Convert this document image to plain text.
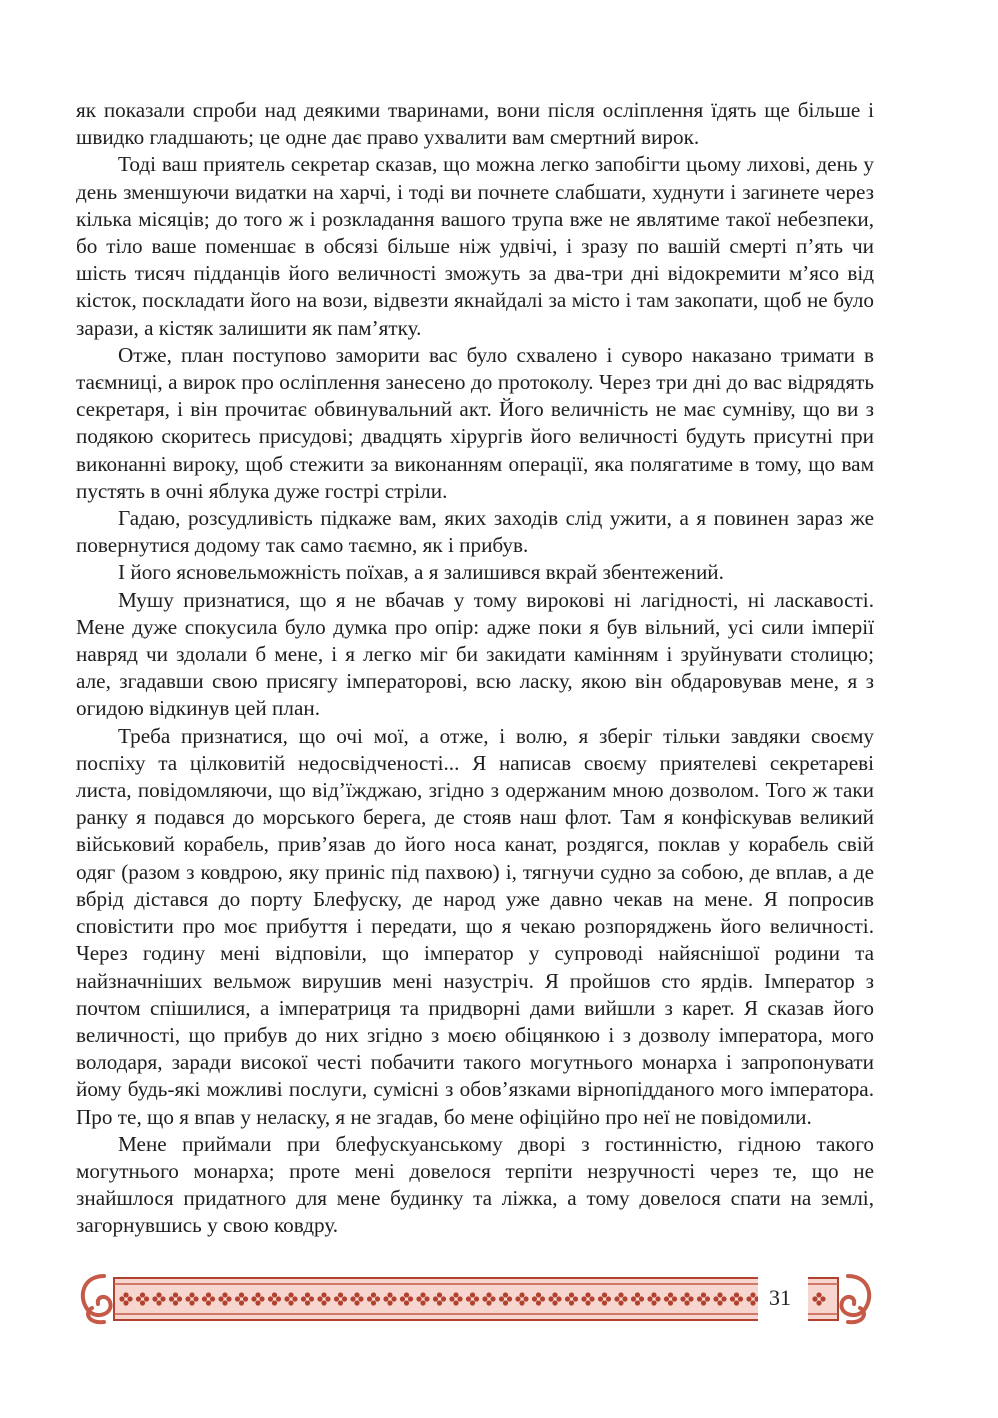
як показали спроби над деякими тваринами, вони після осліплення їдять ще більше і швидко гладшають; це одне дає право ухвалити вам смертний вирок.

Тоді ваш приятель секретар сказав, що можна легко запобігти цьому лихові, день у день зменшуючи видатки на харчі, і тоді ви почнете слабшати, худнути і загинете через кілька місяців; до того ж і розкладання вашого трупа вже не являтиме такої небезпеки, бо тіло ваше поменшає в обсязі більше ніж удвічі, і зразу по вашій смерті п’ять чи шість тисяч підданців його величності зможуть за два-три дні відокремити м’ясо від кісток, поскладати його на вози, відвезти якнайдалі за місто і там закопати, щоб не було зарази, а кістяк залишити як пам’ятку.

Отже, план поступово заморити вас було схвалено і суворо наказано тримати в таємниці, а вирок про осліплення занесено до протоколу. Через три дні до вас відрядять секретаря, і він прочитає обвинувальний акт. Його величність не має сумніву, що ви з подякою скоритесь присудові; двадцять хірургів його величності будуть присутні при виконанні вироку, щоб стежити за виконанням операції, яка полягатиме в тому, що вам пустять в очні яблука дуже гострі стріли.

Гадаю, розсудливість підкаже вам, яких заходів слід ужити, а я повинен зараз же повернутися додому так само таємно, як і прибув.

І його ясновельможність поїхав, а я залишився вкрай збентежений.

Мушу признатися, що я не вбачав у тому вирокові ні лагідності, ні ласкавості. Мене дуже спокусила було думка про опір: адже поки я був вільний, усі сили імперії навряд чи здолали б мене, і я легко міг би закидати камінням і зруйнувати столицю; але, згадавши свою присягу імператорові, всю ласку, якою він обдаровував мене, я з огидою відкинув цей план.

Треба признатися, що очі мої, а отже, і волю, я зберіг тільки завдяки своєму поспіху та цілковитій недосвідченості... Я написав своєму приятелеві секретареві листа, повідомляючи, що від’їжджаю, згідно з одержаним мною дозволом. Того ж таки ранку я подався до морського берега, де стояв наш флот. Там я конфіскував великий військовий корабель, прив’язав до його носа канат, роздягся, поклав у корабель свій одяг (разом з ковдрою, яку приніс під пахвою) і, тягнучи судно за собою, де вплав, а де вбрід дістався до порту Блефуску, де народ уже давно чекав на мене. Я попросив сповістити про моє прибуття і передати, що я чекаю розпоряджень його величності. Через годину мені відповіли, що імператор у супроводі найяснішої родини та найзначніших вельмож вирушив мені назустріч. Я пройшов сто ярдів. Імператор з почтом спішилися, а імператриця та придворні дами вийшли з карет. Я сказав його величності, що прибув до них згідно з моєю обіцянкою і з дозволу імператора, мого володаря, заради високої честі побачити такого могутнього монарха і запропонувати йому будь-які можливі послуги, сумісні з обов’язками вірнопідданого мого імператора. Про те, що я впав у неласку, я не згадав, бо мене офіційно про неї не повідомили.

Мене приймали при блефускуанському дворі з гостинністю, гідною такого могутнього монарха; проте мені довелося терпіти незручності через те, що не знайшлося придатного для мене будинку та ліжка, а тому довелося спати на землі, загорнувшись у свою ковдру.

31
